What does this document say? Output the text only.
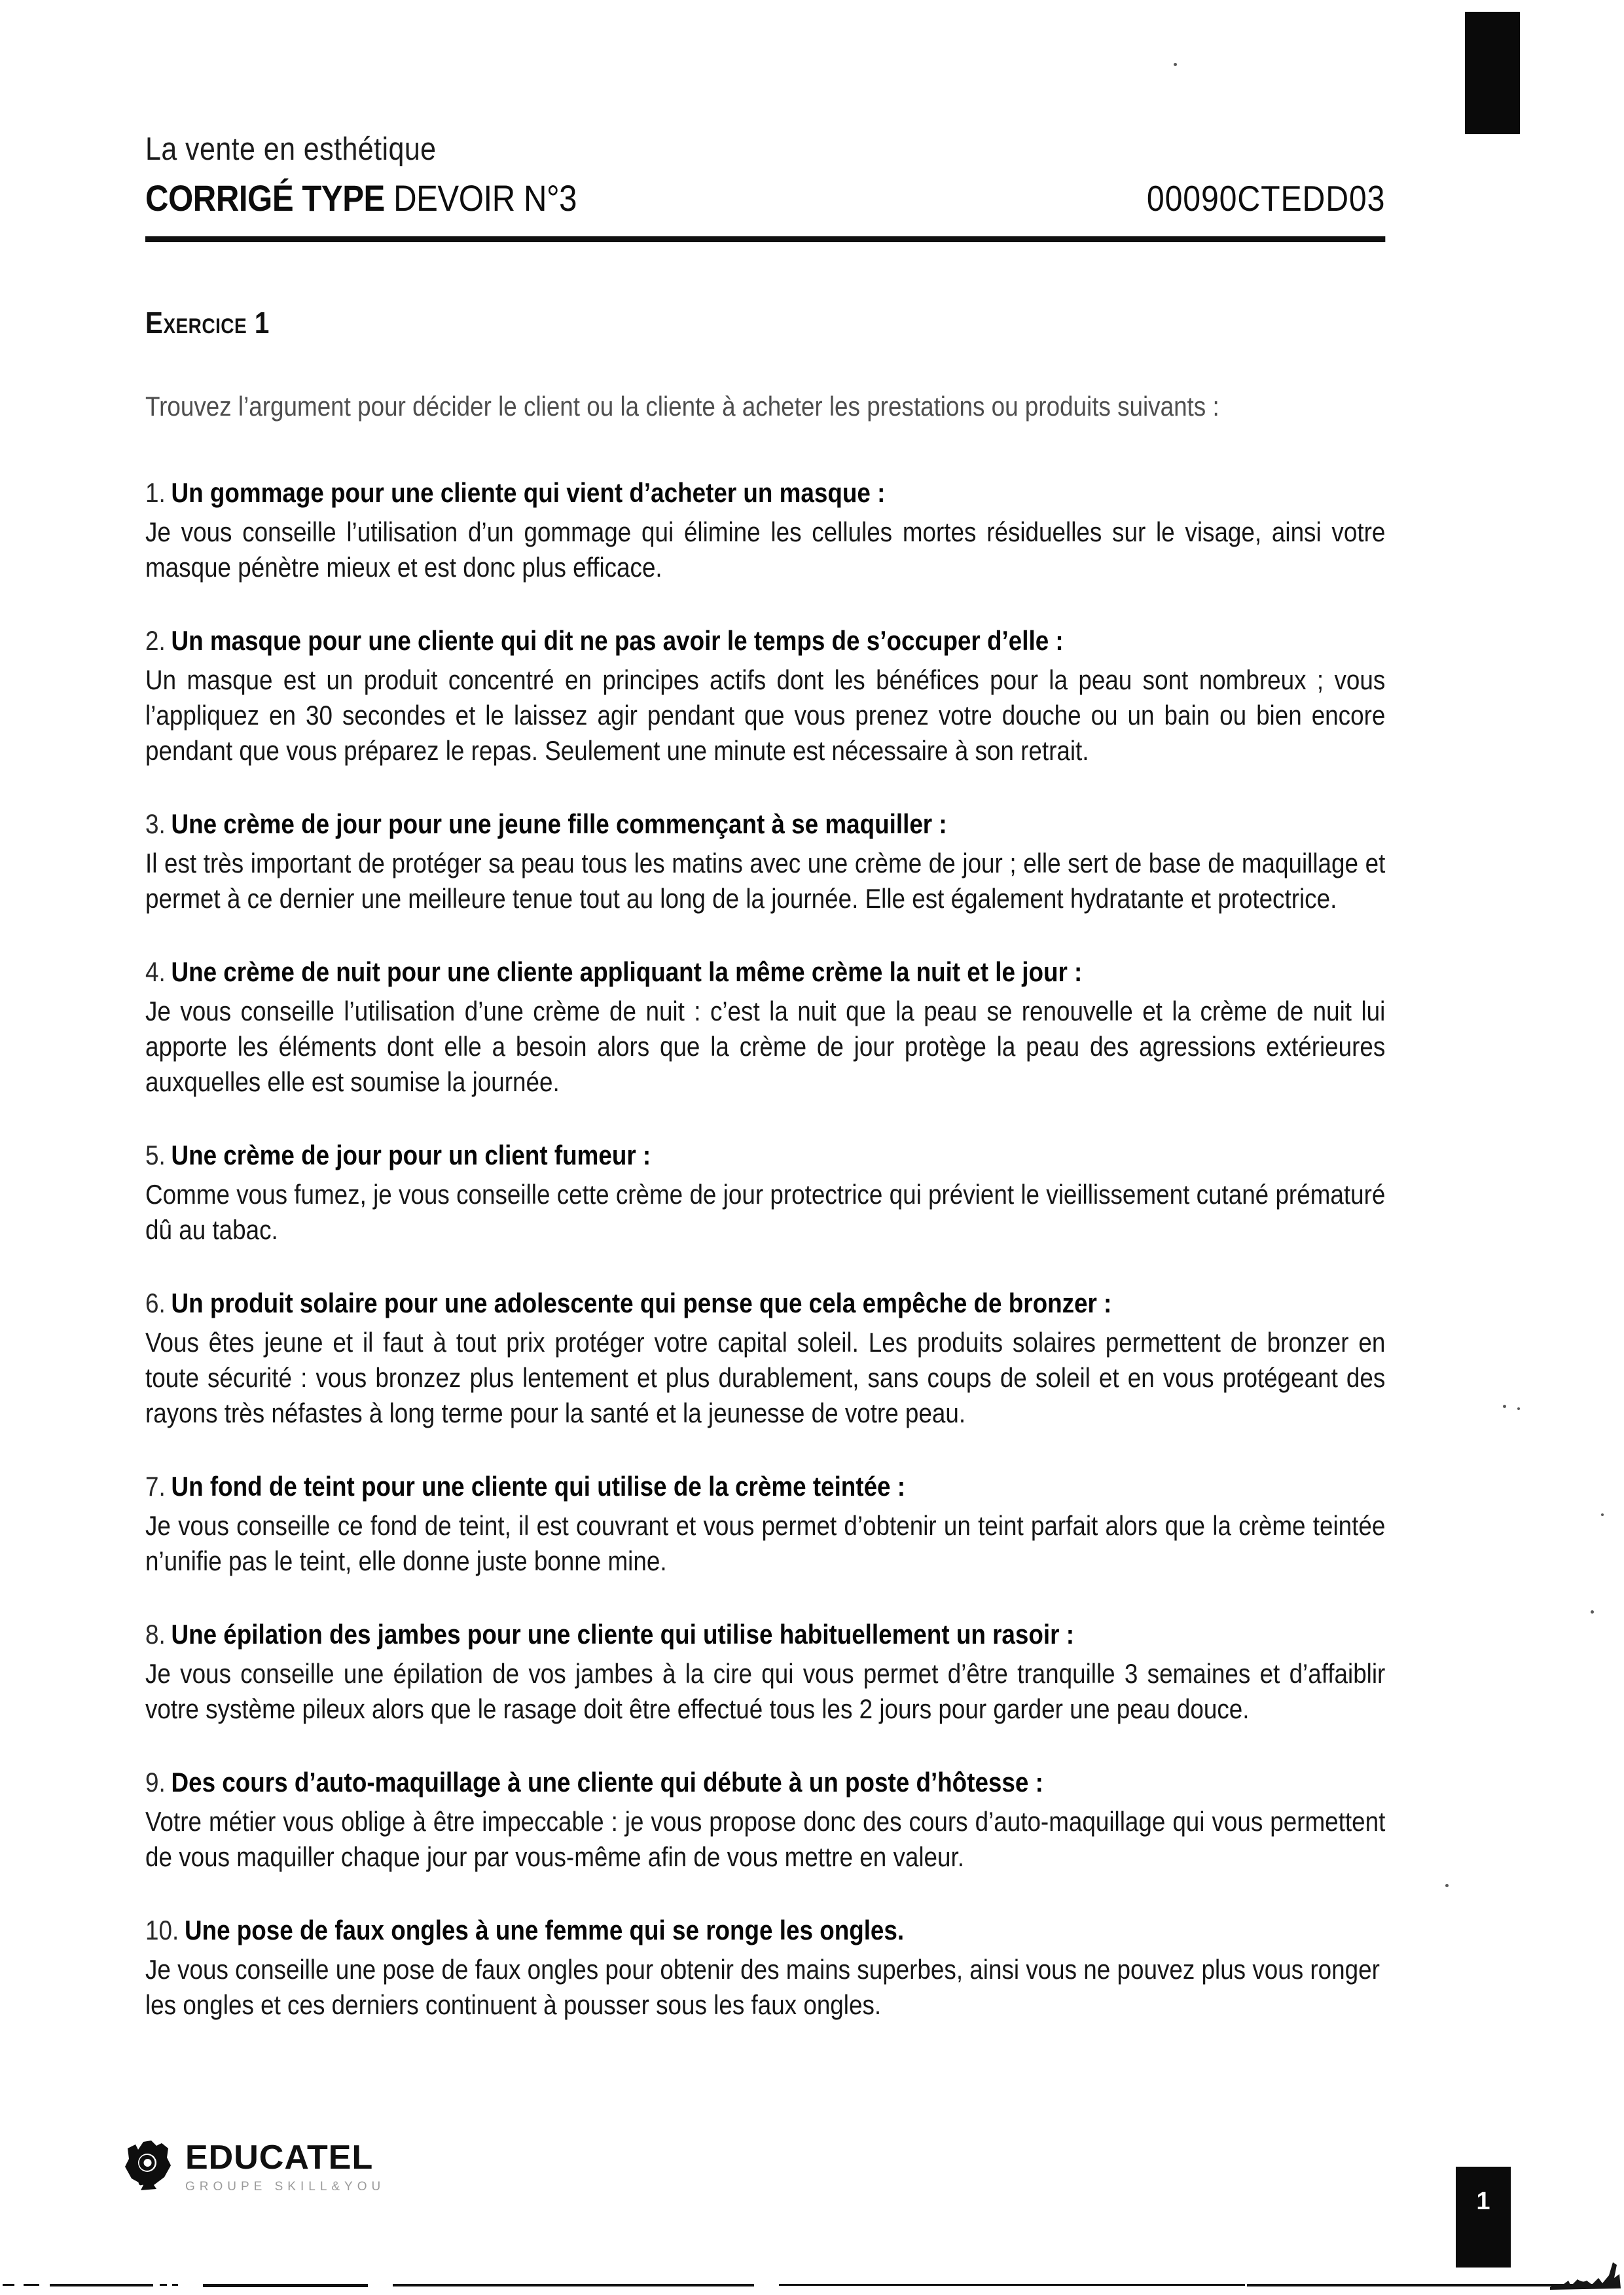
La vente en esthétique
CORRIGÉ TYPE DEVOIR N°3	00090CTEDD03
Exercice 1

Trouvez l’argument pour décider le client ou la cliente à acheter les prestations ou produits suivants :

1. Un gommage pour une cliente qui vient d’acheter un masque :

Je vous conseille l’utilisation d’un gommage qui élimine les cellules mortes résiduelles sur le visage, ainsi votre masque pénètre mieux et est donc plus efficace.

2. Un masque pour une cliente qui dit ne pas avoir le temps de s’occuper d’elle :

Un masque est un produit concentré en principes actifs dont les bénéfices pour la peau sont nombreux ; vous l’appliquez en 30 secondes et le laissez agir pendant que vous prenez votre douche ou un bain ou bien encore pendant que vous préparez le repas. Seulement une minute est nécessaire à son retrait.

3. Une crème de jour pour une jeune fille commençant à se maquiller :

Il est très important de protéger sa peau tous les matins avec une crème de jour ; elle sert de base de maquillage et permet à ce dernier une meilleure tenue tout au long de la journée. Elle est également hydratante et protectrice.

4. Une crème de nuit pour une cliente appliquant la même crème la nuit et le jour :

Je vous conseille l’utilisation d’une crème de nuit : c’est la nuit que la peau se renouvelle et la crème de nuit lui apporte les éléments dont elle a besoin alors que la crème de jour protège la peau des agressions extérieures auxquelles elle est soumise la journée.

5. Une crème de jour pour un client fumeur :

Comme vous fumez, je vous conseille cette crème de jour protectrice qui prévient le vieillissement cutané prématuré dû au tabac.

6. Un produit solaire pour une adolescente qui pense que cela empêche de bronzer :

Vous êtes jeune et il faut à tout prix protéger votre capital soleil. Les produits solaires permettent de bronzer en toute sécurité : vous bronzez plus lentement et plus durablement, sans coups de soleil et en vous protégeant des rayons très néfastes à long terme pour la santé et la jeunesse de votre peau.

7. Un fond de teint pour une cliente qui utilise de la crème teintée :

Je vous conseille ce fond de teint, il est couvrant et vous permet d’obtenir un teint parfait alors que la crème teintée n’unifie pas le teint, elle donne juste bonne mine.

8. Une épilation des jambes pour une cliente qui utilise habituellement un rasoir :

Je vous conseille une épilation de vos jambes à la cire qui vous permet d’être tranquille 3 semaines et d’affaiblir votre système pileux alors que le rasage doit être effectué tous les 2 jours pour garder une peau douce.

9. Des cours d’auto-maquillage à une cliente qui débute à un poste d’hôtesse :

Votre métier vous oblige à être impeccable : je vous propose donc des cours d’auto-maquillage qui vous permettent de vous maquiller chaque jour par vous-même afin de vous mettre en valeur.

10. Une pose de faux ongles à une femme qui se ronge les ongles.

Je vous conseille une pose de faux ongles pour obtenir des mains superbes, ainsi vous ne pouvez plus vous ronger les ongles et ces derniers continuent à pousser sous les faux ongles.

EDUCATEL
GROUPE SKILL&YOU
1
